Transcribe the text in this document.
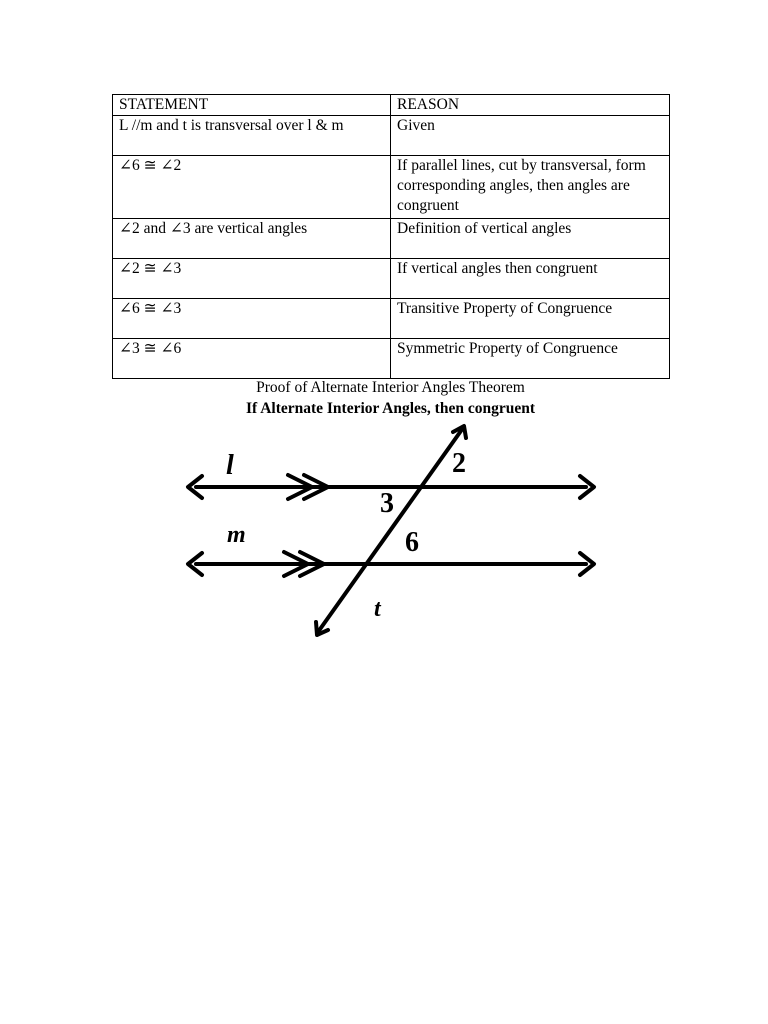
STATEMENT	REASON
L //m and t is transversal over l & m	Given
∠6 ≅ ∠2	If parallel lines, cut by transversal, form corresponding angles, then angles are congruent
∠2 and ∠3 are vertical angles	Definition of vertical angles
∠2 ≅ ∠3	If vertical angles then congruent
∠6 ≅ ∠3	Transitive Property of Congruence
∠3 ≅ ∠6	Symmetric Property of Congruence
Proof of Alternate Interior Angles Theorem
If Alternate Interior Angles, then congruent
l
m
t
2
3
6
